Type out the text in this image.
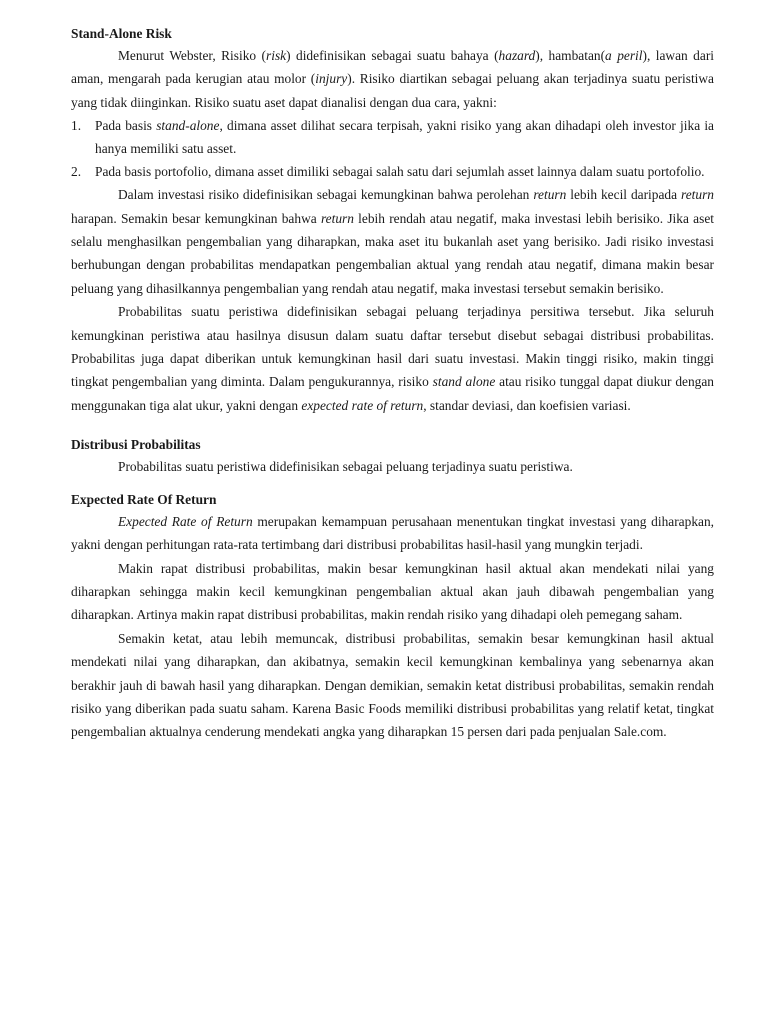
Stand-Alone Risk

Menurut Webster, Risiko (risk) didefinisikan sebagai suatu bahaya (hazard), hambatan(a peril), lawan dari aman, mengarah pada kerugian atau molor (injury). Risiko diartikan sebagai peluang akan terjadinya suatu peristiwa yang tidak diinginkan. Risiko suatu aset dapat dianalisi dengan dua cara, yakni:

1. Pada basis stand-alone, dimana asset dilihat secara terpisah, yakni risiko yang akan dihadapi oleh investor jika ia hanya memiliki satu asset.
2. Pada basis portofolio, dimana asset dimiliki sebagai salah satu dari sejumlah asset lainnya dalam suatu portofolio.

Dalam investasi risiko didefinisikan sebagai kemungkinan bahwa perolehan return lebih kecil daripada return harapan. Semakin besar kemungkinan bahwa return lebih rendah atau negatif, maka investasi lebih berisiko. Jika aset selalu menghasilkan pengembalian yang diharapkan, maka aset itu bukanlah aset yang berisiko. Jadi risiko investasi berhubungan dengan probabilitas mendapatkan pengembalian aktual yang rendah atau negatif, dimana makin besar peluang yang dihasilkannya pengembalian yang rendah atau negatif, maka investasi tersebut semakin berisiko.

Probabilitas suatu peristiwa didefinisikan sebagai peluang terjadinya persitiwa tersebut. Jika seluruh kemungkinan peristiwa atau hasilnya disusun dalam suatu daftar tersebut disebut sebagai distribusi probabilitas. Probabilitas juga dapat diberikan untuk kemungkinan hasil dari suatu investasi. Makin tinggi risiko, makin tinggi tingkat pengembalian yang diminta. Dalam pengukurannya, risiko stand alone atau risiko tunggal dapat diukur dengan menggunakan tiga alat ukur, yakni dengan expected rate of return, standar deviasi, dan koefisien variasi.

Distribusi Probabilitas

Probabilitas suatu peristiwa didefinisikan sebagai peluang terjadinya suatu peristiwa.

Expected Rate Of Return

Expected Rate of Return merupakan kemampuan perusahaan menentukan tingkat investasi yang diharapkan, yakni dengan perhitungan rata-rata tertimbang dari distribusi probabilitas hasil-hasil yang mungkin terjadi.

Makin rapat distribusi probabilitas, makin besar kemungkinan hasil aktual akan mendekati nilai yang diharapkan sehingga makin kecil kemungkinan pengembalian aktual akan jauh dibawah pengembalian yang diharapkan. Artinya makin rapat distribusi probabilitas, makin rendah risiko yang dihadapi oleh pemegang saham.

Semakin ketat, atau lebih memuncak, distribusi probabilitas, semakin besar kemungkinan hasil aktual mendekati nilai yang diharapkan, dan akibatnya, semakin kecil kemungkinan kembalinya yang sebenarnya akan berakhir jauh di bawah hasil yang diharapkan. Dengan demikian, semakin ketat distribusi probabilitas, semakin rendah risiko yang diberikan pada suatu saham. Karena Basic Foods memiliki distribusi probabilitas yang relatif ketat, tingkat pengembalian aktualnya cenderung mendekati angka yang diharapkan 15 persen dari pada penjualan Sale.com.
